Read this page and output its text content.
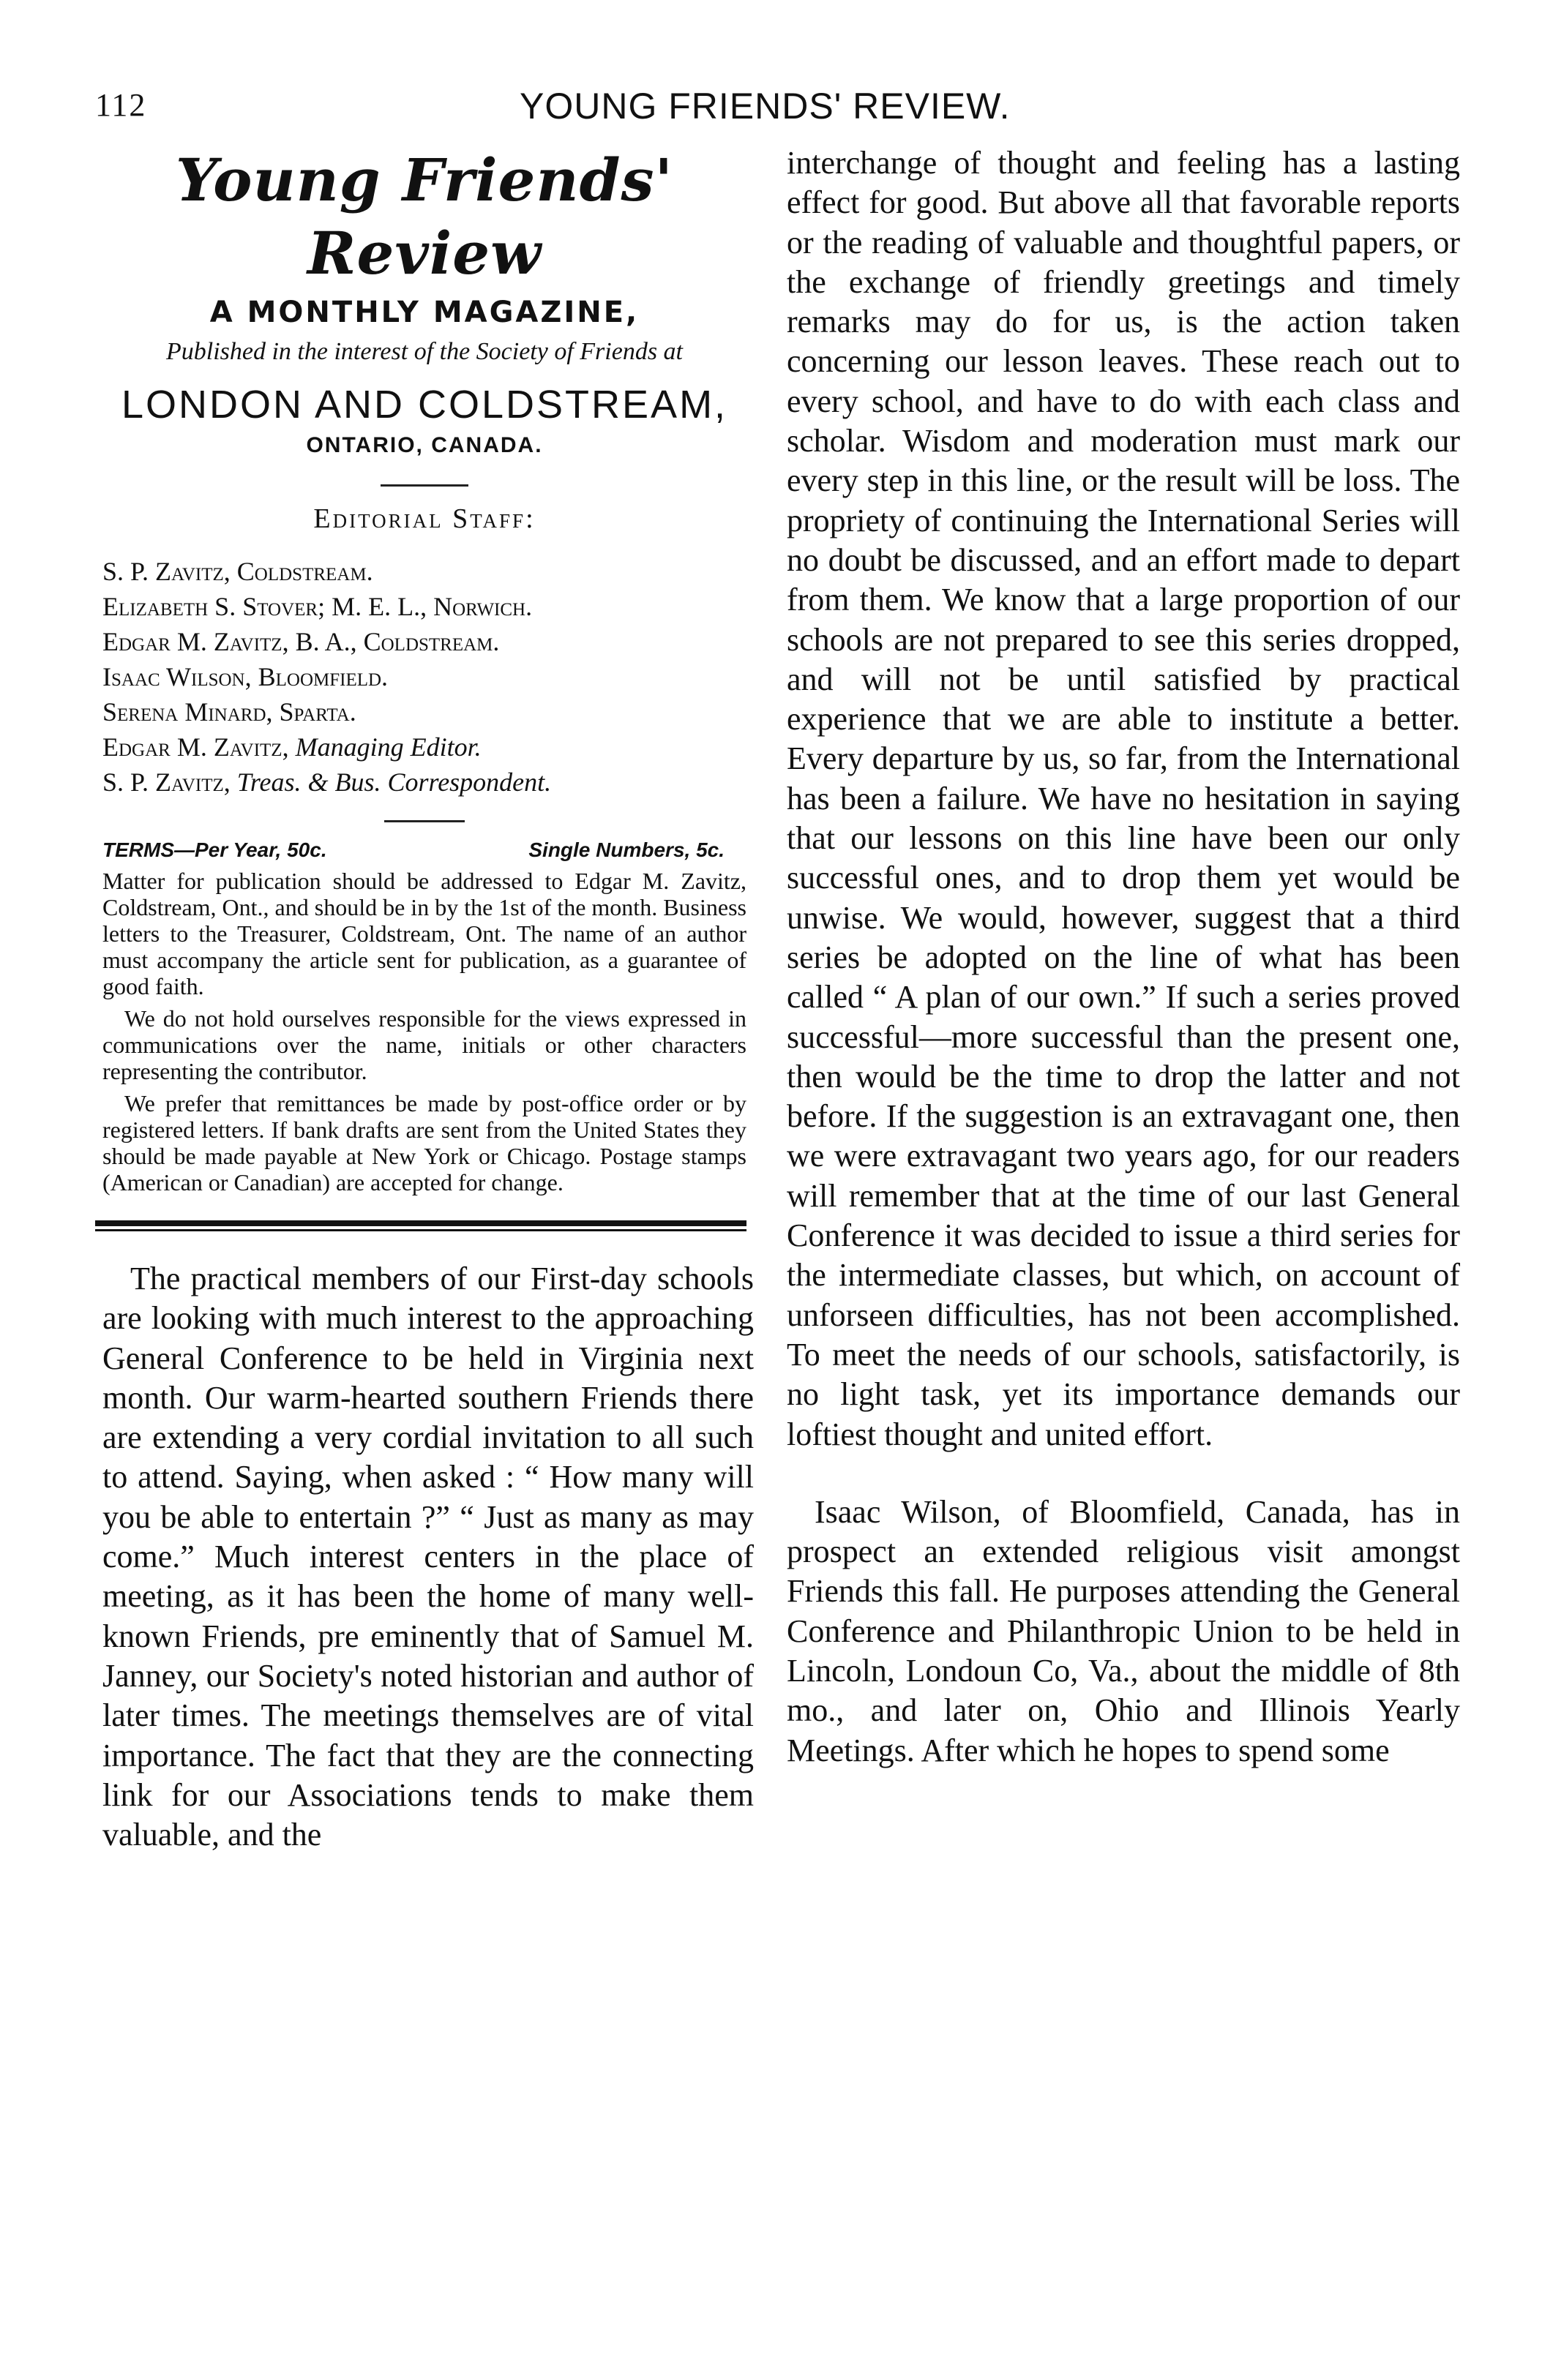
112	YOUNG FRIENDS' REVIEW.
Young Friends' Review
A MONTHLY MAGAZINE,
Published in the interest of the Society of Friends at
LONDON AND COLDSTREAM,
ONTARIO, CANADA.
Editorial Staff:
S. P. Zavitz, Coldstream.
Elizabeth S. Stover; M. E. L., Norwich.
Edgar M. Zavitz, B. A., Coldstream.
Isaac Wilson, Bloomfield.
Serena Minard, Sparta.
Edgar M. Zavitz, Managing Editor.
S. P. Zavitz, Treas. & Bus. Correspondent.
TERMS—Per Year, 50c.	Single Numbers, 5c.

Matter for publication should be addressed to Edgar M. Zavitz, Coldstream, Ont., and should be in by the 1st of the month. Business letters to the Treasurer, Coldstream, Ont. The name of an author must accompany the article sent for publication, as a guarantee of good faith.

We do not hold ourselves responsible for the views expressed in communications over the name, initials or other characters representing the contributor.

We prefer that remittances be made by post-office order or by registered letters. If bank drafts are sent from the United States they should be made payable at New York or Chicago. Postage stamps (American or Canadian) are accepted for change.

The practical members of our First-day schools are looking with much interest to the approaching General Conference to be held in Virginia next month. Our warm-hearted southern Friends there are extending a very cordial invitation to all such to attend. Saying, when asked : “ How many will you be able to entertain ?” “ Just as many as may come.” Much interest centers in the place of meeting, as it has been the home of many well-known Friends, pre eminently that of Samuel M. Janney, our Society's noted historian and author of later times. The meetings themselves are of vital importance. The fact that they are the connecting link for our Associations tends to make them valuable, and the

interchange of thought and feeling has a lasting effect for good. But above all that favorable reports or the reading of valuable and thoughtful papers, or the exchange of friendly greetings and timely remarks may do for us, is the action taken concerning our lesson leaves. These reach out to every school, and have to do with each class and scholar. Wisdom and moderation must mark our every step in this line, or the result will be loss. The propriety of continuing the International Series will no doubt be discussed, and an effort made to depart from them. We know that a large proportion of our schools are not prepared to see this series dropped, and will not be until satisfied by practical experience that we are able to institute a better. Every departure by us, so far, from the International has been a failure. We have no hesitation in saying that our lessons on this line have been our only successful ones, and to drop them yet would be unwise. We would, however, suggest that a third series be adopted on the line of what has been called “ A plan of our own.” If such a series proved successful—more successful than the present one, then would be the time to drop the latter and not before. If the suggestion is an extravagant one, then we were extravagant two years ago, for our readers will remember that at the time of our last General Conference it was decided to issue a third series for the intermediate classes, but which, on account of unforseen difficulties, has not been accomplished. To meet the needs of our schools, satisfactorily, is no light task, yet its importance demands our loftiest thought and united effort.

Isaac Wilson, of Bloomfield, Canada, has in prospect an extended religious visit amongst Friends this fall. He purposes attending the General Conference and Philanthropic Union to be held in Lincoln, Londoun Co, Va., about the middle of 8th mo., and later on, Ohio and Illinois Yearly Meetings. After which he hopes to spend some
